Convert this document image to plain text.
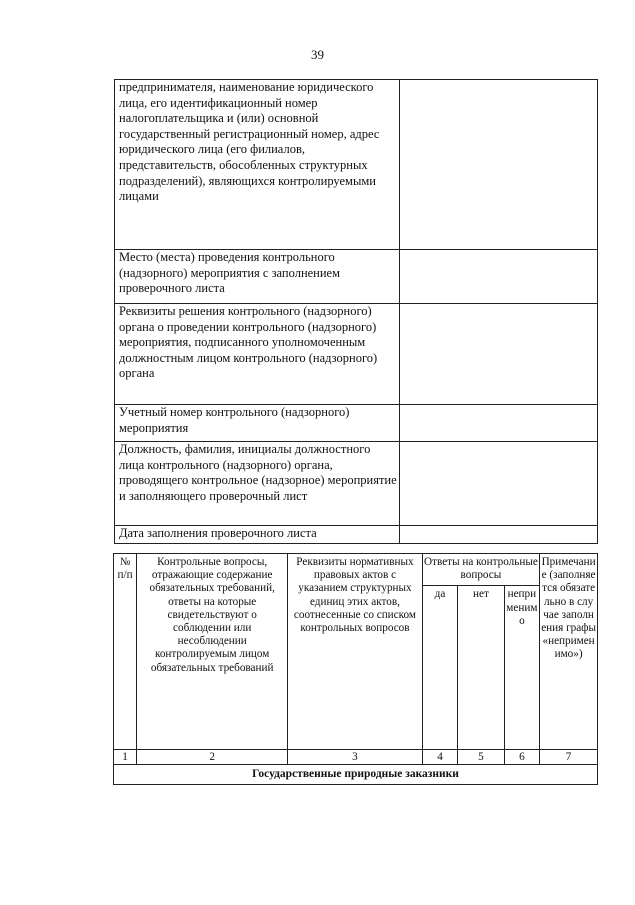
39
предпринимателя, наименование юридического лица, его идентификационный номер налогоплательщика и (или) основной государственный регистрационный номер, адрес юридического лица (его филиалов, представительств, обособленных структурных подразделений), являющихся контролируемыми лицами	
Место (места) проведения контрольного (надзорного) мероприятия с заполнением проверочного листа	
Реквизиты решения контрольного (надзорного) органа о проведении контрольного (надзорного) мероприятия, подписанного уполномоченным должностным лицом контрольного (надзорного) органа	
Учетный номер контрольного (надзорного) мероприятия	
Должность, фамилия, инициалы должностного лица контрольного (надзорного) органа, проводящего контрольное (надзорное) мероприятие и заполняющего проверочный лист	
Дата заполнения проверочного листа	
№ п/п	Контрольные вопросы, отражающие содержание обязательных требований, ответы на которые свидетельствуют о соблюдении или несоблюдении контролируемым лицом обязательных требований	Реквизиты нормативных правовых актов с указанием структурных единиц этих актов, соотнесенные со списком контрольных вопросов	Ответы на контрольные вопросы			Примечание (заполняется обязательно в случае заполнения графы «неприменимо»)
			да	нет	неприменимо	
1	2	3	4	5	6	7
Государственные природные заказники						
